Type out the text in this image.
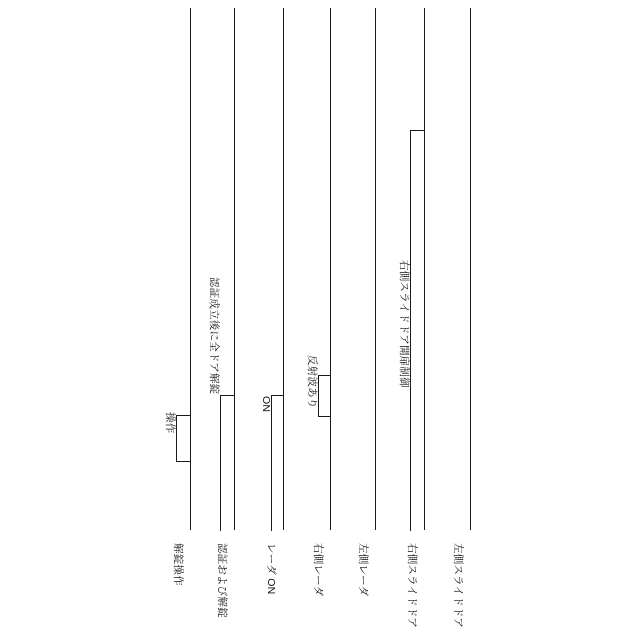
操作
認証成立後に全ドア解錠
ON	反射波あり	右側スライドドア開扉制御
解錠操作	認証および解錠	レーダ ON	右側レーダ	左側レーダ	右側スライドドア	左側スライドドア
